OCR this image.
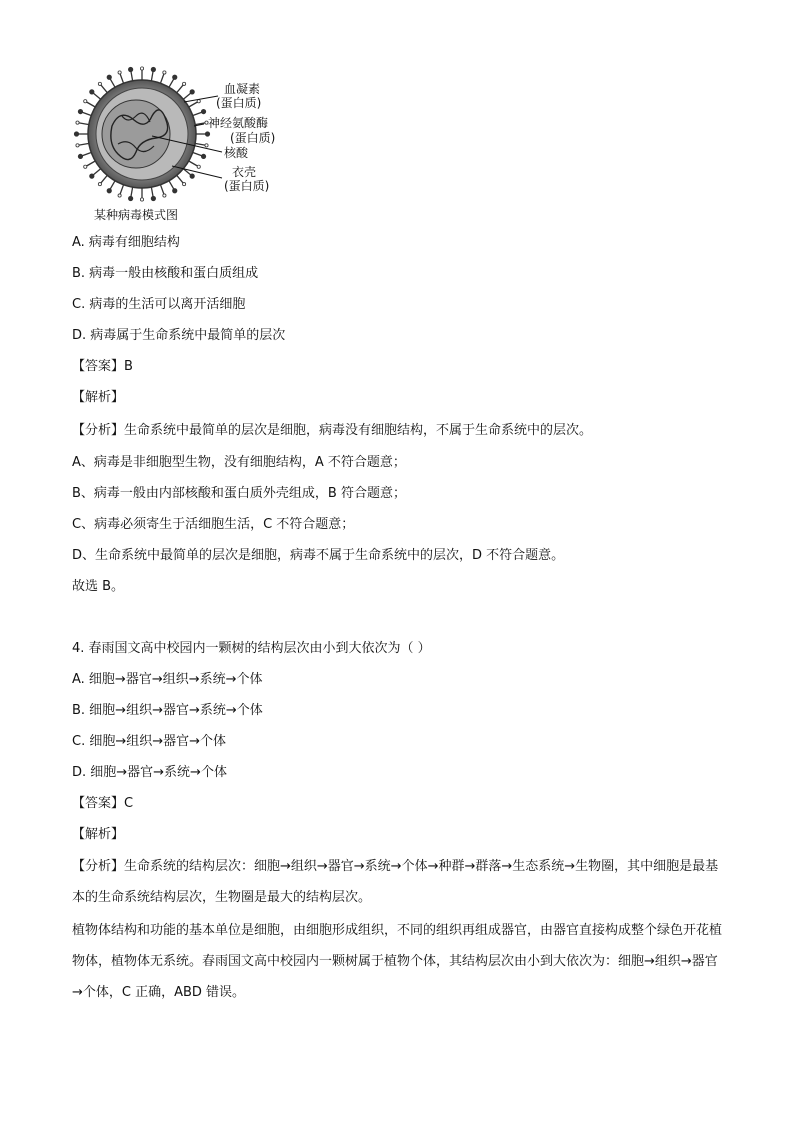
血凝素
(蛋白质)
神经氨酸酶
(蛋白质)
核酸
衣壳
(蛋白质)
某种病毒模式图
A. 病毒有细胞结构
B. 病毒一般由核酸和蛋白质组成
C. 病毒的生活可以离开活细胞
D. 病毒属于生命系统中最简单的层次
【答案】B
【解析】
【分析】生命系统中最简单的层次是细胞，病毒没有细胞结构，不属于生命系统中的层次。
A、病毒是非细胞型生物，没有细胞结构，A 不符合题意；
B、病毒一般由内部核酸和蛋白质外壳组成，B 符合题意；
C、病毒必须寄生于活细胞生活，C 不符合题意；
D、生命系统中最简单的层次是细胞，病毒不属于生命系统中的层次，D 不符合题意。
故选 B。
4. 春雨国文高中校园内一颗树的结构层次由小到大依次为（ ）
A. 细胞→器官→组织→系统→个体
B. 细胞→组织→器官→系统→个体
C. 细胞→组织→器官→个体
D. 细胞→器官→系统→个体
【答案】C
【解析】
【分析】生命系统的结构层次：细胞→组织→器官→系统→个体→种群→群落→生态系统→生物圈，其中细胞是最基本的生命系统结构层次，生物圈是最大的结构层次。
植物体结构和功能的基本单位是细胞，由细胞形成组织，不同的组织再组成器官，由器官直接构成整个绿色开花植物体，植物体无系统。春雨国文高中校园内一颗树属于植物个体，其结构层次由小到大依次为：细胞→组织→器官→个体，C 正确，ABD 错误。
